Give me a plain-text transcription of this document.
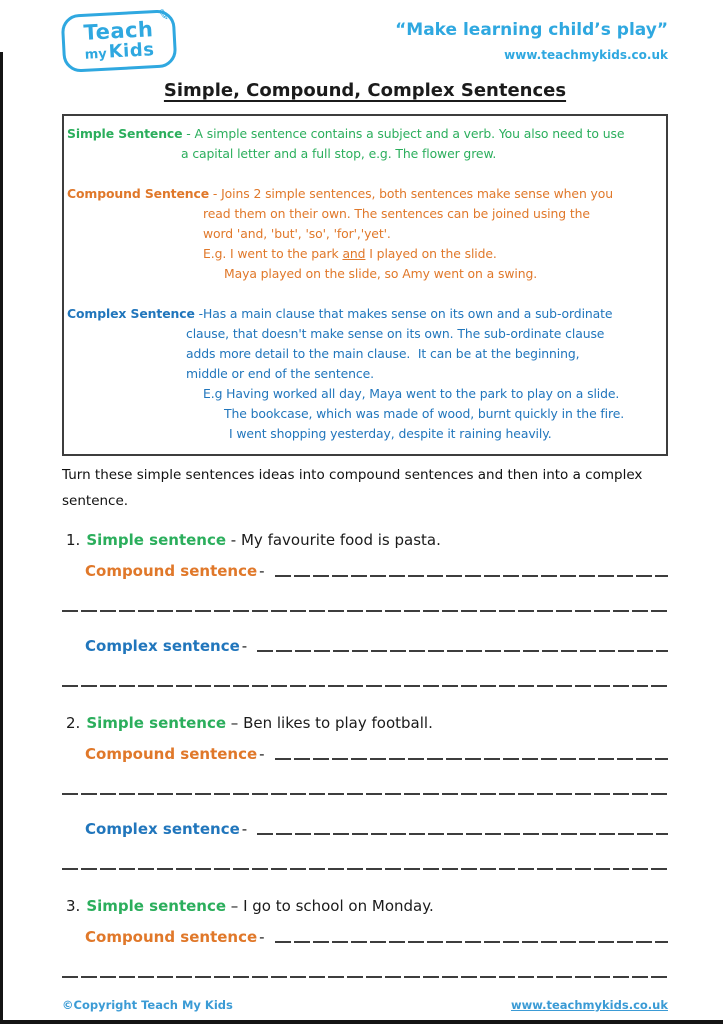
✎
Teach
myKids
“Make learning child’s play”
www.teachmykids.co.uk
Simple, Compound, Complex Sentences
Simple Sentence - A simple sentence contains a subject and a verb. You also need to use
a capital letter and a full stop, e.g. The flower grew.
Compound Sentence - Joins 2 simple sentences, both sentences make sense when you
read them on their own. The sentences can be joined using the
word 'and, 'but', 'so', 'for','yet'.
E.g. I went to the park and I played on the slide.
Maya played on the slide, so Amy went on a swing.
Complex Sentence -Has a main clause that makes sense on its own and a sub-ordinate
clause, that doesn't make sense on its own. The sub-ordinate clause
adds more detail to the main clause.  It can be at the beginning,
middle or end of the sentence.
E.g Having worked all day, Maya went to the park to play on a slide.
The bookcase, which was made of wood, burnt quickly in the fire.
I went shopping yesterday, despite it raining heavily.
Turn these simple sentences ideas into compound sentences and then into a complex
sentence.
1. Simple sentence - My favourite food is pasta.
Compound sentence -
Complex sentence -
2. Simple sentence – Ben likes to play football.
Compound sentence -
Complex sentence -
3. Simple sentence – I go to school on Monday.
Compound sentence -
©Copyright Teach My Kids	www.teachmykids.co.uk
